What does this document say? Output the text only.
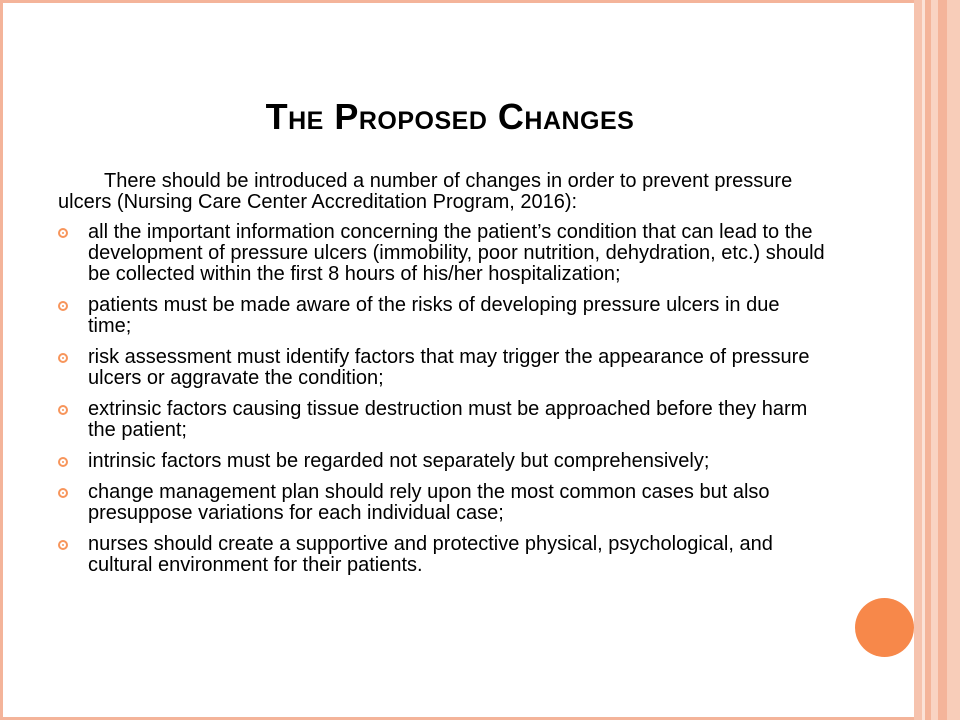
The Proposed Changes

There should be introduced a number of changes in order to prevent pressure ulcers (Nursing Care Center Accreditation Program, 2016):

all the important information concerning the patient’s condition that can lead to the development of pressure ulcers (immobility, poor nutrition, dehydration, etc.) should be collected within the first 8 hours of his/her hospitalization;
patients must be made aware of the risks of developing pressure ulcers in due time;
risk assessment must identify factors that may trigger the appearance of pressure ulcers or aggravate the condition;
extrinsic factors causing tissue destruction must be approached before they harm the patient;
intrinsic factors must be regarded not separately but comprehensively;
change management plan should rely upon the most common cases but also presuppose variations for each individual case;
nurses should create a supportive and protective physical, psychological, and cultural environment for their patients.
